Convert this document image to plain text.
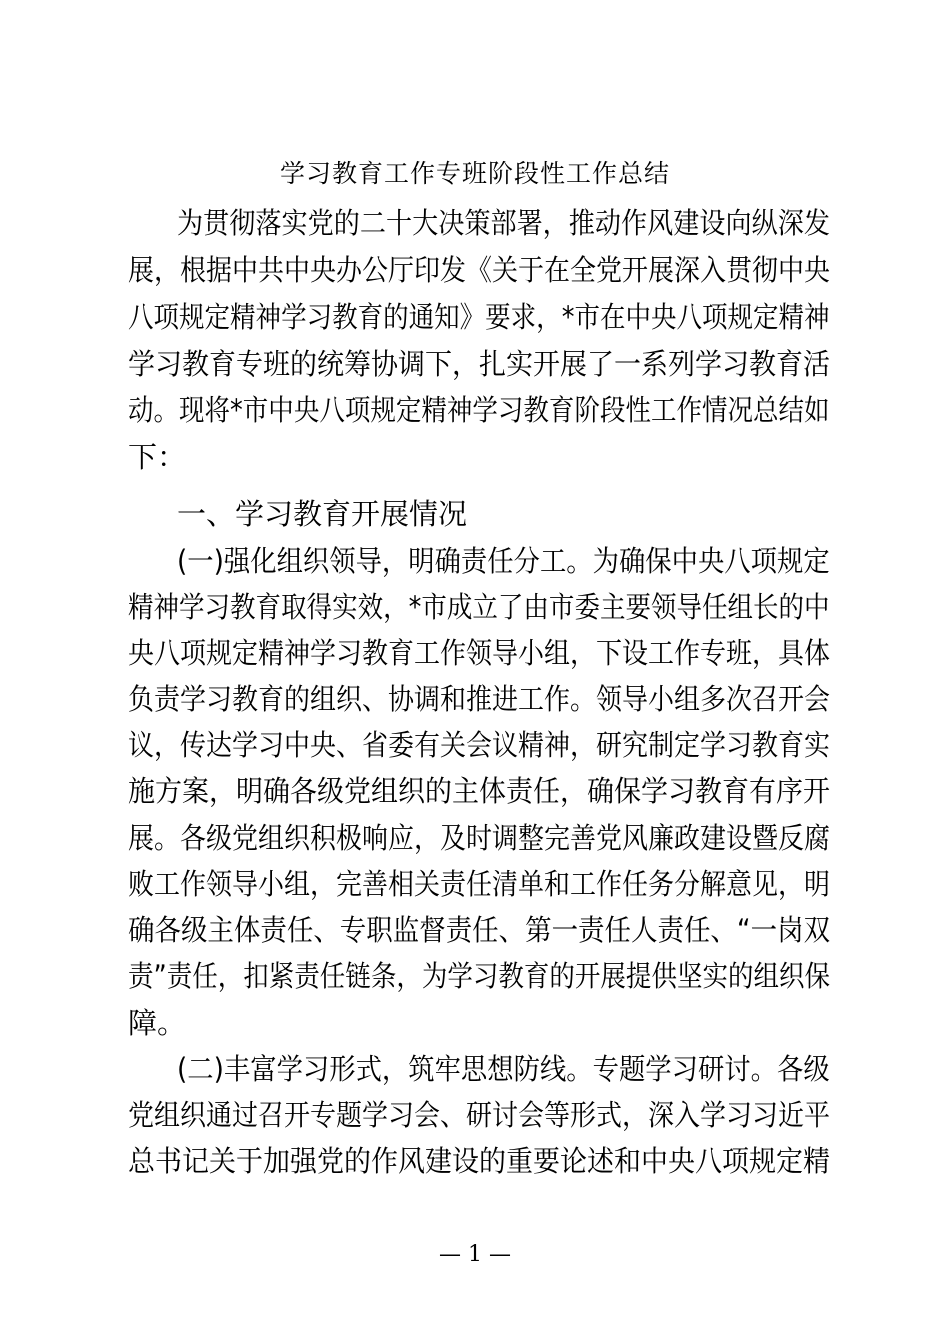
学习教育工作专班阶段性工作总结
为贯彻落实党的二十大决策部署，推动作风建设向纵深发
展，根据中共中央办公厅印发《关于在全党开展深入贯彻中央
八项规定精神学习教育的通知》要求，*市在中央八项规定精神
学习教育专班的统筹协调下，扎实开展了一系列学习教育活
动。现将*市中央八项规定精神学习教育阶段性工作情况总结如
下：
一、学习教育开展情况
(一)强化组织领导，明确责任分工。为确保中央八项规定
精神学习教育取得实效，*市成立了由市委主要领导任组长的中
央八项规定精神学习教育工作领导小组，下设工作专班，具体
负责学习教育的组织、协调和推进工作。领导小组多次召开会
议，传达学习中央、省委有关会议精神，研究制定学习教育实
施方案，明确各级党组织的主体责任，确保学习教育有序开
展。各级党组织积极响应，及时调整完善党风廉政建设暨反腐
败工作领导小组，完善相关责任清单和工作任务分解意见，明
确各级主体责任、专职监督责任、第一责任人责任、“一岗双
责”责任，扣紧责任链条，为学习教育的开展提供坚实的组织保
障。
(二)丰富学习形式，筑牢思想防线。专题学习研讨。各级
党组织通过召开专题学习会、研讨会等形式，深入学习习近平
总书记关于加强党的作风建设的重要论述和中央八项规定精
— 1 —
